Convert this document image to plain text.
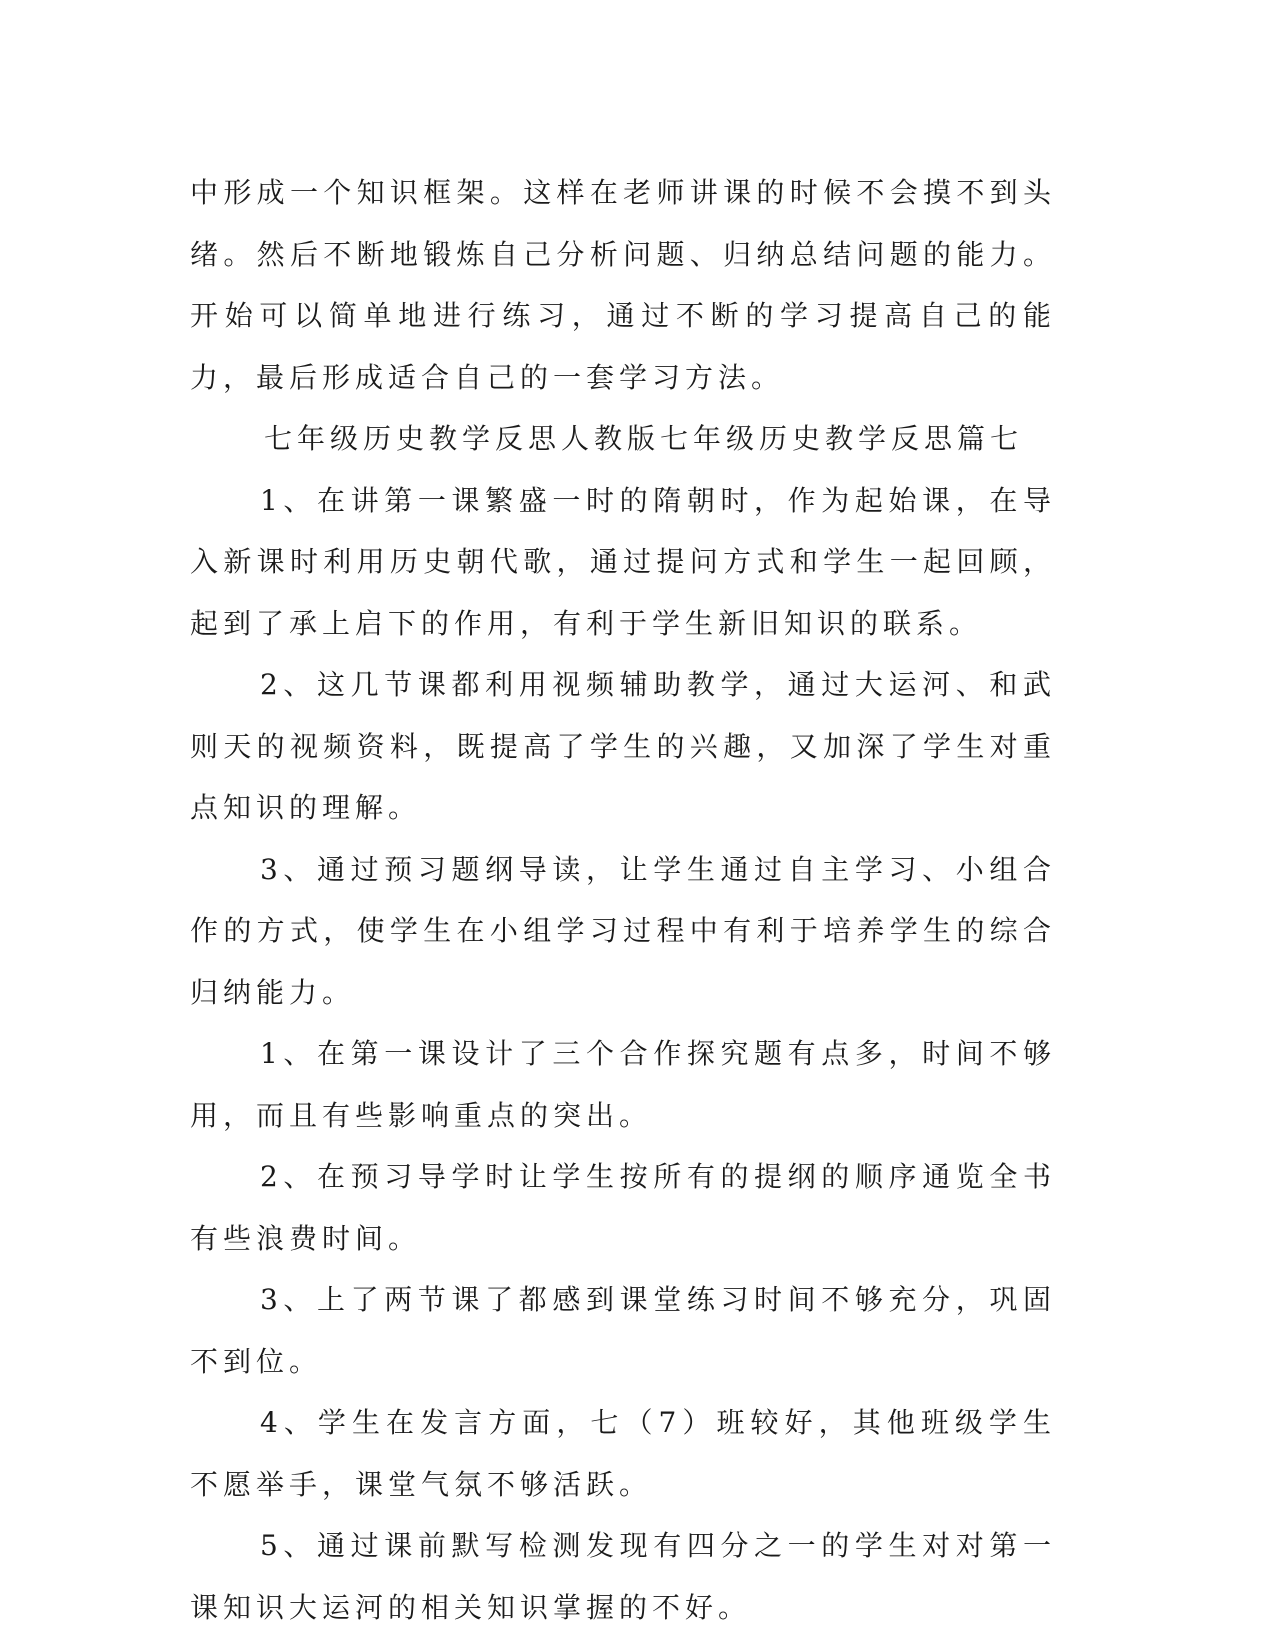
中形成一个知识框架。这样在老师讲课的时候不会摸不到头绪。然后不断地锻炼自己分析问题、归纳总结问题的能力。开始可以简单地进行练习，通过不断的学习提高自己的能力，最后形成适合自己的一套学习方法。

七年级历史教学反思人教版七年级历史教学反思篇七

1、在讲第一课繁盛一时的隋朝时，作为起始课，在导入新课时利用历史朝代歌，通过提问方式和学生一起回顾，起到了承上启下的作用，有利于学生新旧知识的联系。

2、这几节课都利用视频辅助教学，通过大运河、和武则天的视频资料，既提高了学生的兴趣，又加深了学生对重点知识的理解。

3、通过预习题纲导读，让学生通过自主学习、小组合作的方式，使学生在小组学习过程中有利于培养学生的综合归纳能力。

1、在第一课设计了三个合作探究题有点多，时间不够用，而且有些影响重点的突出。

2、在预习导学时让学生按所有的提纲的顺序通览全书有些浪费时间。

3、上了两节课了都感到课堂练习时间不够充分，巩固不到位。

4、学生在发言方面，七（7）班较好，其他班级学生不愿举手，课堂气氛不够活跃。

5、通过课前默写检测发现有四分之一的学生对对第一课知识大运河的相关知识掌握的不好。
